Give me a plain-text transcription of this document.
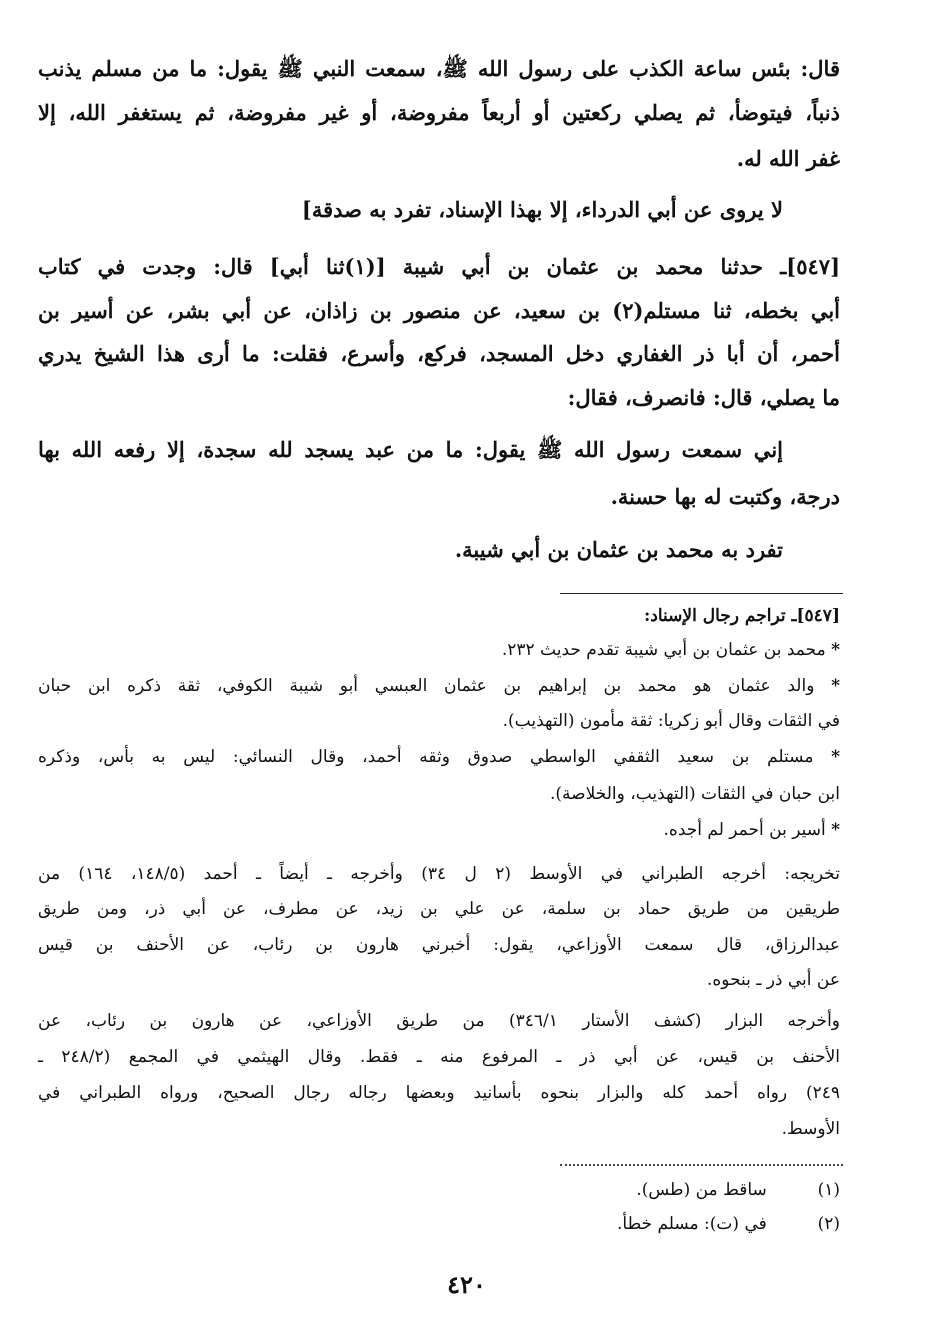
قال: بئس ساعة الكذب على رسول الله ﷺ، سمعت النبي ﷺ يقول: ما من مسلم يذنب
ذنباً، فيتوضأ، ثم يصلي ركعتين أو أربعاً مفروضة، أو غير مفروضة، ثم يستغفر الله، إلا
غفر الله له.
لا يروى عن أبي الدرداء، إلا بهذا الإسناد، تفرد به صدقة]
[٥٤٧]ـ حدثنا محمد بن عثمان بن أبي شيبة [(١)ثنا أبي] قال: وجدت في كتاب
أبي بخطه، ثنا مستلم(٢) بن سعيد، عن منصور بن زاذان، عن أبي بشر، عن أسير بن
أحمر، أن أبا ذر الغفاري دخل المسجد، فركع، وأسرع، فقلت: ما أرى هذا الشيخ يدري
ما يصلي، قال: فانصرف، فقال:
إني سمعت رسول الله ﷺ يقول: ما من عبد يسجد لله سجدة، إلا رفعه الله بها
درجة، وكتبت له بها حسنة.
تفرد به محمد بن عثمان بن أبي شيبة.
[٥٤٧]ـ تراجم رجال الإسناد:
* محمد بن عثمان بن أبي شيبة تقدم حديث ٢٣٢.
* والد عثمان هو محمد بن إبراهيم بن عثمان العبسي أبو شيبة الكوفي، ثقة ذكره ابن حبان
في الثقات وقال أبو زكريا: ثقة مأمون (التهذيب).
* مستلم بن سعيد الثقفي الواسطي صدوق وثقه أحمد، وقال النسائي: ليس به بأس، وذكره
ابن حبان في الثقات (التهذيب، والخلاصة).
* أسير بن أحمر لم أجده.
تخريجه: أخرجه الطبراني في الأوسط (٢ ل ٣٤) وأخرجه ـ أيضاً ـ أحمد (١٤٨/٥، ١٦٤) من
طريقين من طريق حماد بن سلمة، عن علي بن زيد، عن مطرف، عن أبي ذر، ومن طريق
عبدالرزاق، قال سمعت الأوزاعي، يقول: أخبرني هارون بن رئاب، عن الأحنف بن قيس
عن أبي ذر ـ بنحوه.
وأخرجه البزار (كشف الأستار ٣٤٦/١) من طريق الأوزاعي، عن هارون بن رئاب، عن
الأحنف بن قيس، عن أبي ذر ـ المرفوع منه ـ فقط. وقال الهيثمي في المجمع (٢٤٨/٢ ـ
٢٤٩) رواه أحمد كله والبزار بنحوه بأسانيد وبعضها رجاله رجال الصحيح، ورواه الطبراني في
الأوسط.
(١)  ساقط من (طس).
(٢)  في (ت): مسلم خطأ.
٤٢٠
